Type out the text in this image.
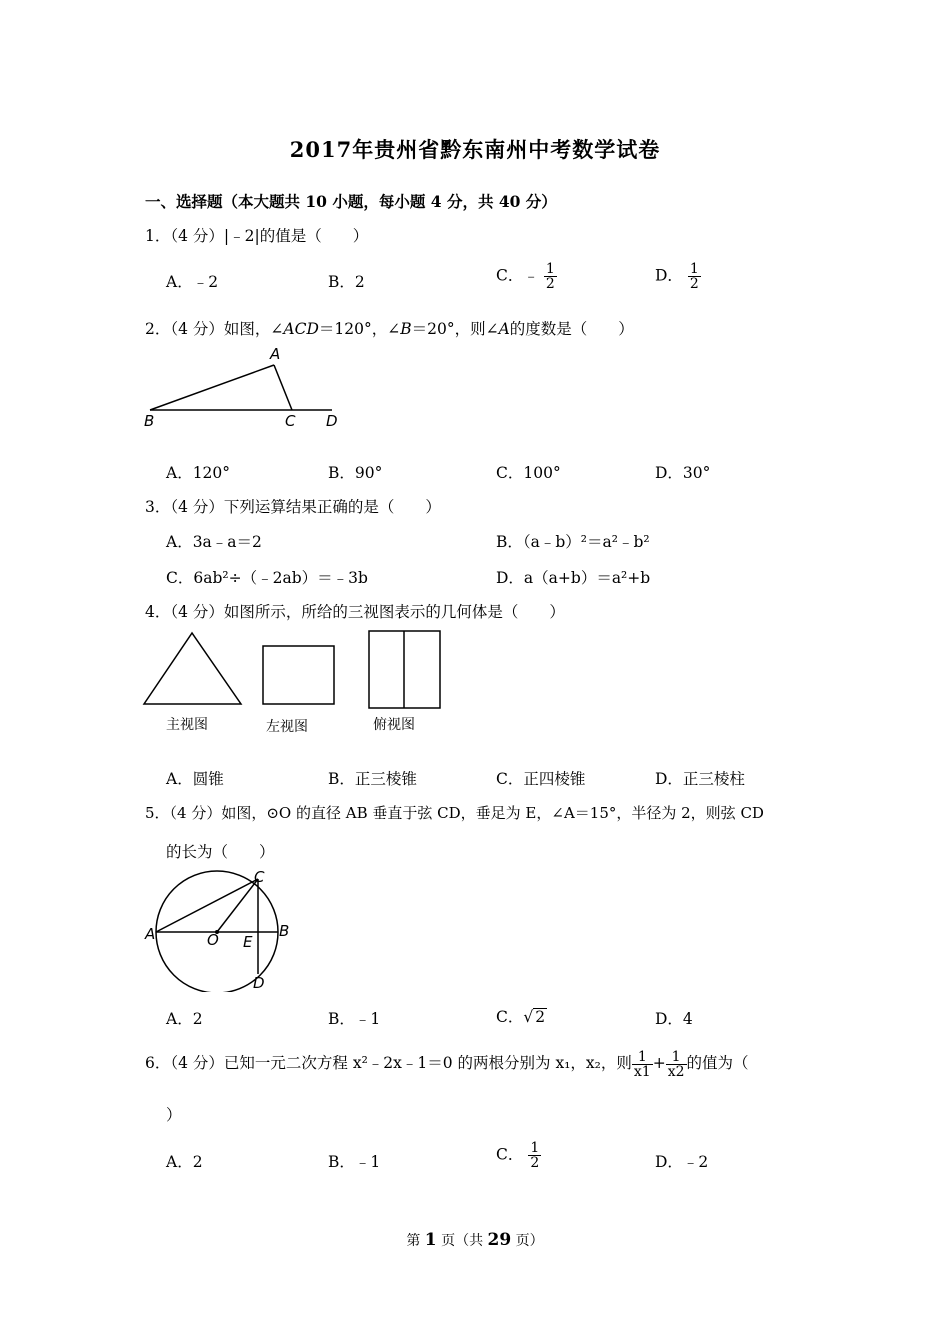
2017年贵州省黔东南州中考数学试卷
一、选择题（本大题共 10 小题，每小题 4 分，共 40 分）
1．（4 分）|﹣2|的值是（　　）
A．﹣2	B．2	C．﹣ $\frac{1}{2}$	D． $\frac{1}{2}$
2．（4 分）如图，∠ACD＝120°，∠B＝20°，则∠A的度数是（　　）
A
B	C D
A．120°	B．90°	C．100°	D．30°
3．（4 分）下列运算结果正确的是（　　）
A．3a﹣a＝2	B．（a﹣b）²＝a²﹣b²
C．6ab²÷（﹣2ab）＝﹣3b	D．a（a+b）＝a²+b
4．（4 分）如图所示，所给的三视图表示的几何体是（　　）
主视图	左视图	俯视图
A．圆锥	B．正三棱锥	C．正四棱锥	D．正三棱柱
5．（4 分）如图，⊙O 的直径 AB 垂直于弦 CD，垂足为 E，∠A＝15°，半径为 2，则弦 CD
的长为（　　）
A	B
C
D
O E
A．2	B．﹣1	C．√ 2	D．4
6．（4 分）已知一元二次方程 x²﹣2x﹣1＝0 的两根分别为 x₁，x₂，则 $\frac{1}{x1} + \frac{1}{x2}$ 的值为（
）
A．2	B．﹣1	C． $\frac{1}{2}$	D．﹣2
第 1 页（共 29 页）
